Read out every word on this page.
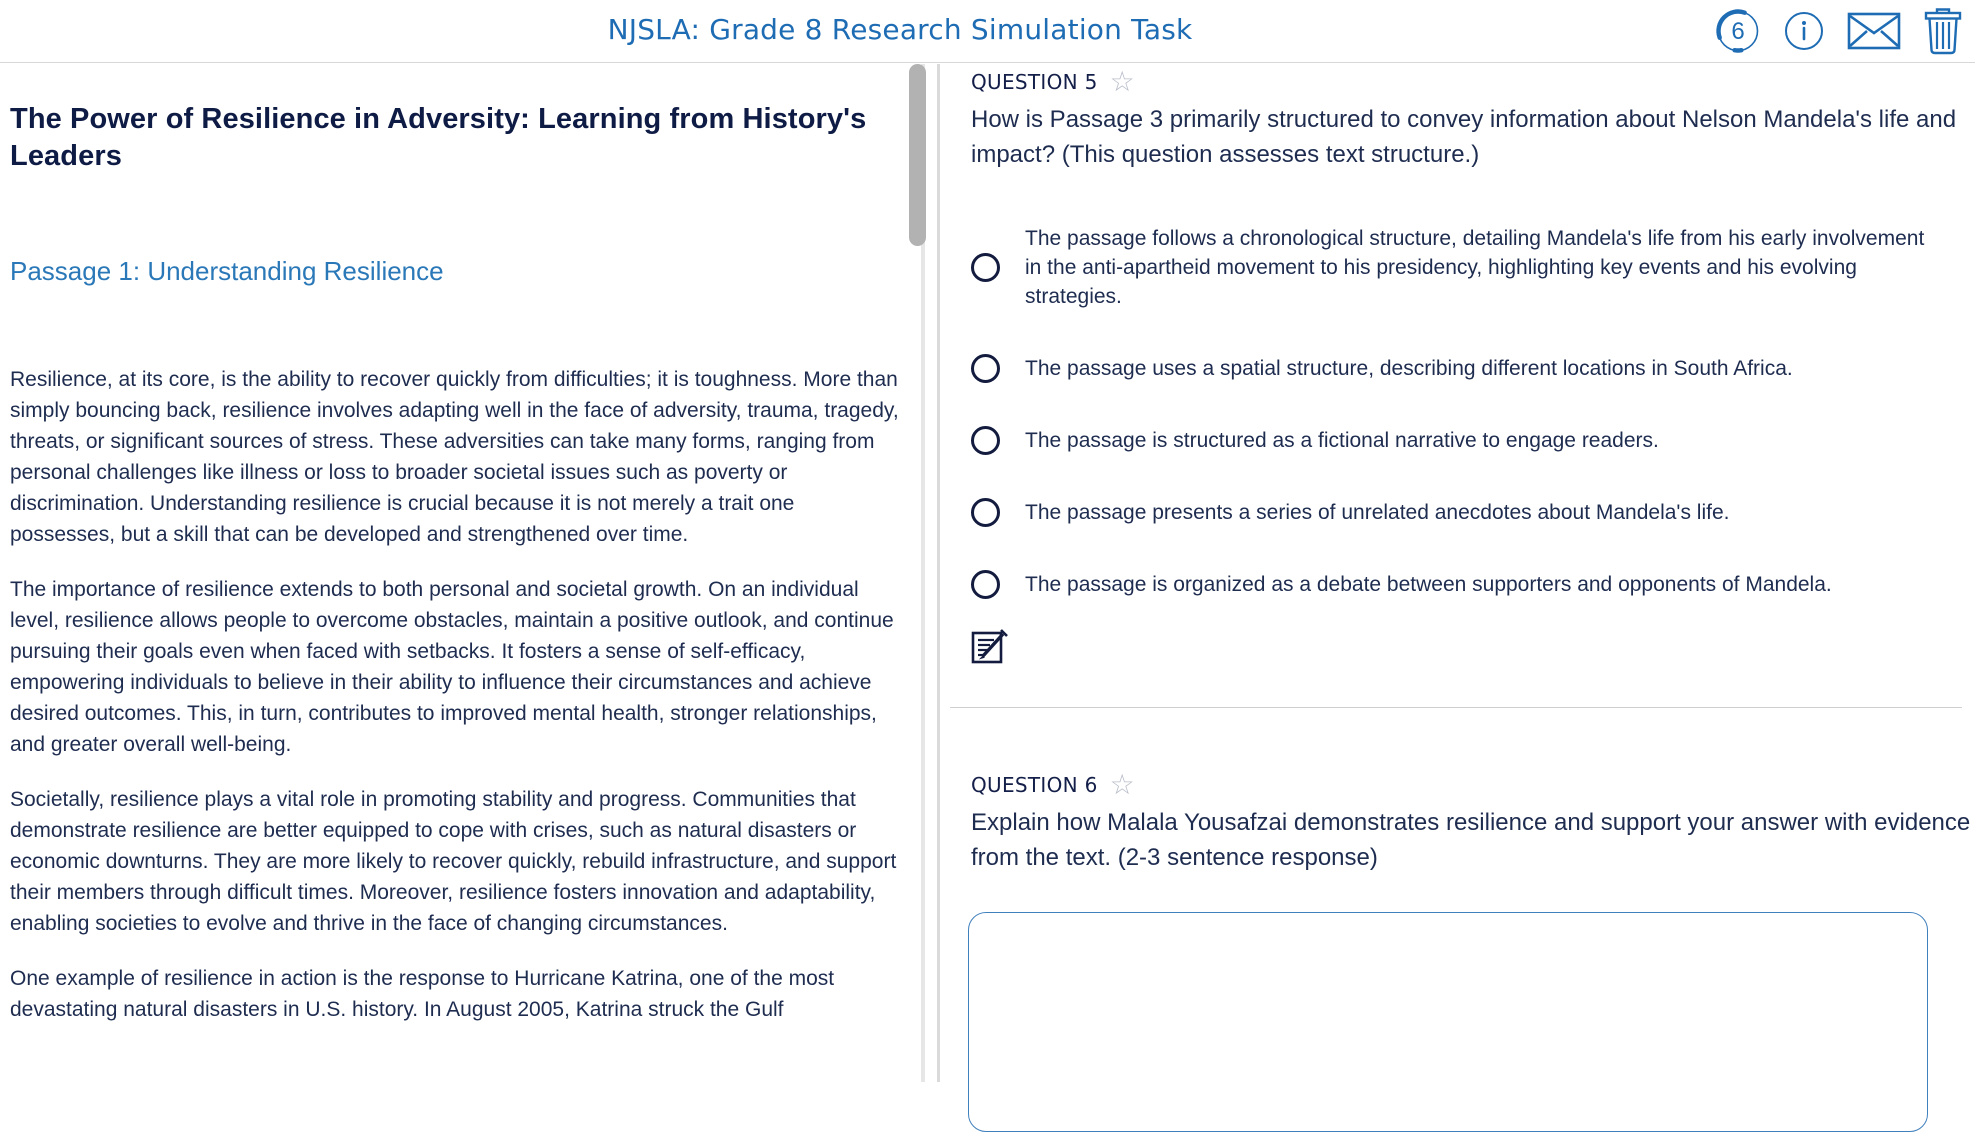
NJSLA: Grade 8 Research Simulation Task	6
The Power of Resilience in Adversity: Learning from History's Leaders
Passage 1: Understanding Resilience

Resilience, at its core, is the ability to recover quickly from difficulties; it is toughness. More than simply bouncing back, resilience involves adapting well in the face of adversity, trauma, tragedy, threats, or significant sources of stress. These adversities can take many forms, ranging from personal challenges like illness or loss to broader societal issues such as poverty or discrimination. Understanding resilience is crucial because it is not merely a trait one possesses, but a skill that can be developed and strengthened over time.

The importance of resilience extends to both personal and societal growth. On an individual level, resilience allows people to overcome obstacles, maintain a positive outlook, and continue pursuing their goals even when faced with setbacks. It fosters a sense of self-efficacy, empowering individuals to believe in their ability to influence their circumstances and achieve desired outcomes. This, in turn, contributes to improved mental health, stronger relationships, and greater overall well-being.

Societally, resilience plays a vital role in promoting stability and progress. Communities that demonstrate resilience are better equipped to cope with crises, such as natural disasters or economic downturns. They are more likely to recover quickly, rebuild infrastructure, and support their members through difficult times. Moreover, resilience fosters innovation and adaptability, enabling societies to evolve and thrive in the face of changing circumstances.

One example of resilience in action is the response to Hurricane Katrina, one of the most devastating natural disasters in U.S. history. In August 2005, Katrina struck the Gulf

QUESTION 5 ☆
How is Passage 3 primarily structured to convey information about Nelson Mandela's life and impact? (This question assesses text structure.)
The passage follows a chronological structure, detailing Mandela's life from his early involvement in the anti-apartheid movement to his presidency, highlighting key events and his evolving strategies.
The passage uses a spatial structure, describing different locations in South Africa.
The passage is structured as a fictional narrative to engage readers.
The passage presents a series of unrelated anecdotes about Mandela's life.
The passage is organized as a debate between supporters and opponents of Mandela.
QUESTION 6 ☆
Explain how Malala Yousafzai demonstrates resilience and support your answer with evidence from the text. (2-3 sentence response)
